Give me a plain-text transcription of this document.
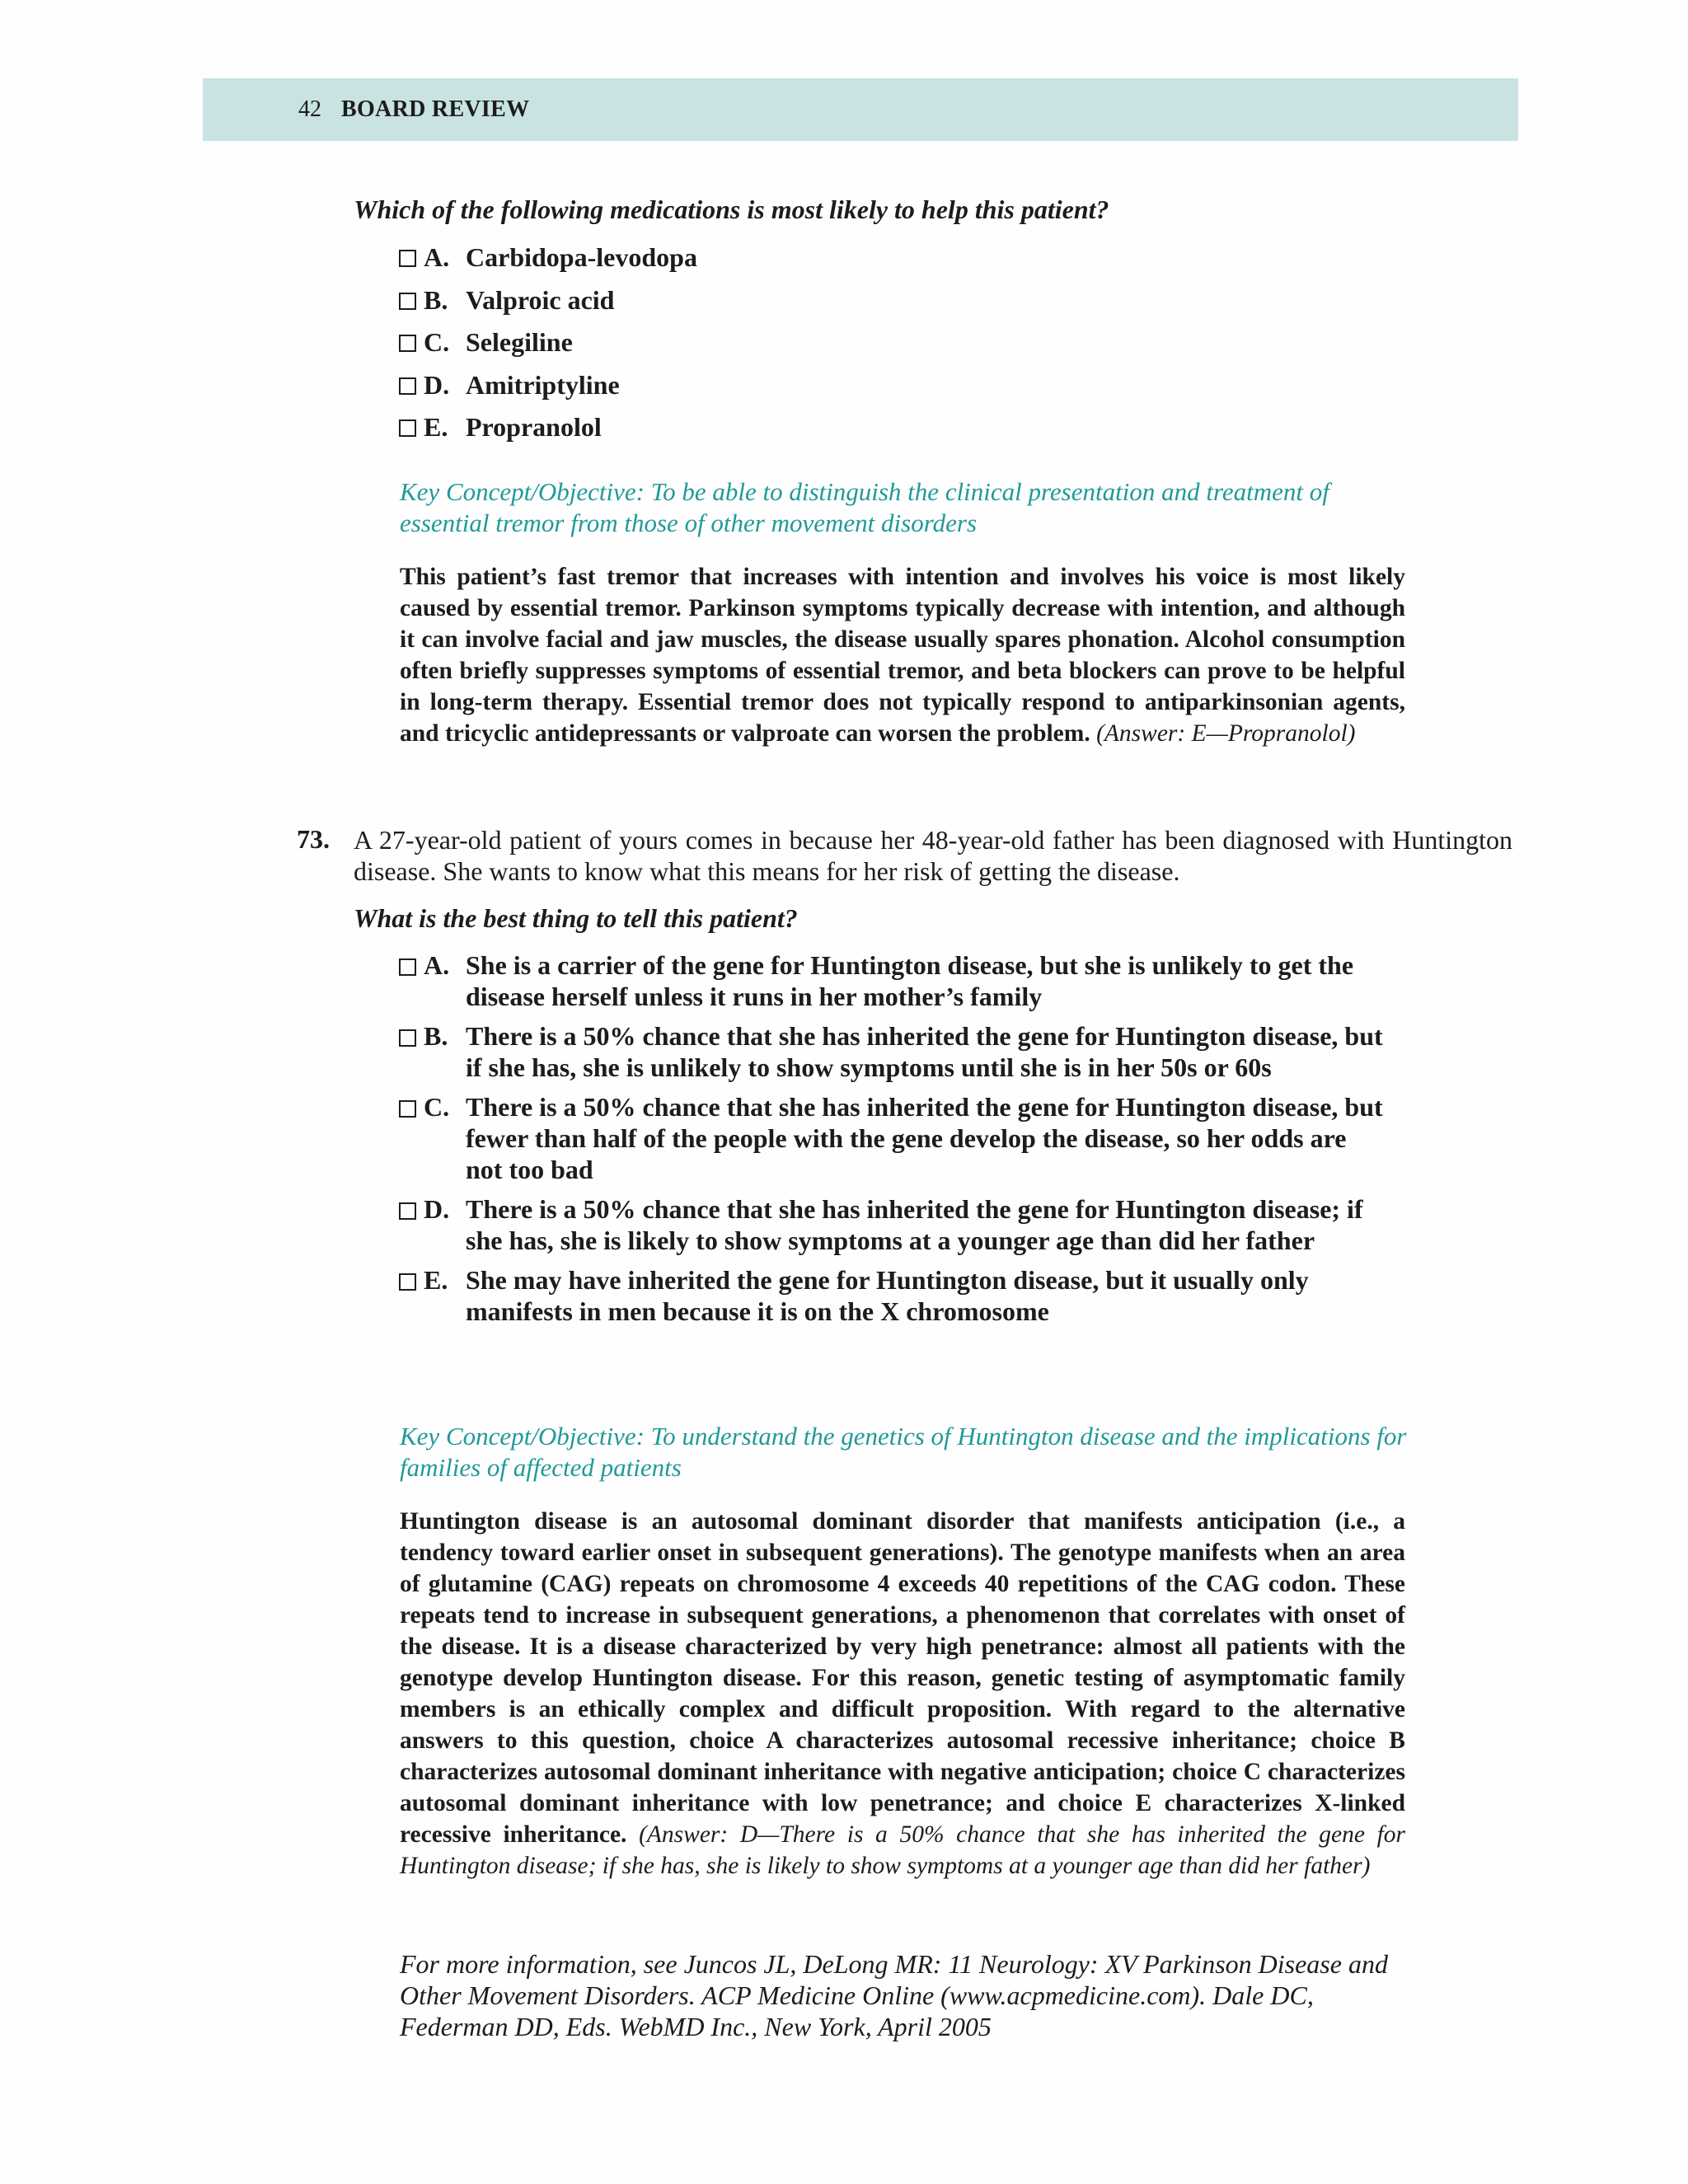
42 BOARD REVIEW
Which of the following medications is most likely to help this patient?
A. Carbidopa-levodopa
B. Valproic acid
C. Selegiline
D. Amitriptyline
E. Propranolol
Key Concept/Objective: To be able to distinguish the clinical presentation and treatment of essential tremor from those of other movement disorders
This patient’s fast tremor that increases with intention and involves his voice is most likely caused by essential tremor. Parkinson symptoms typically decrease with intention, and although it can involve facial and jaw muscles, the disease usually spares phonation. Alcohol consumption often briefly suppresses symptoms of essential tremor, and beta blockers can prove to be helpful in long-term therapy. Essential tremor does not typically respond to antiparkinsonian agents, and tricyclic antidepressants or valproate can worsen the problem. (Answer: E—Propranolol)
73. A 27-year-old patient of yours comes in because her 48-year-old father has been diagnosed with Huntington disease. She wants to know what this means for her risk of getting the disease.
What is the best thing to tell this patient?
A. She is a carrier of the gene for Huntington disease, but she is unlikely to get the disease herself unless it runs in her mother’s family
B. There is a 50% chance that she has inherited the gene for Huntington disease, but if she has, she is unlikely to show symptoms until she is in her 50s or 60s
C. There is a 50% chance that she has inherited the gene for Huntington disease, but fewer than half of the people with the gene develop the disease, so her odds are not too bad
D. There is a 50% chance that she has inherited the gene for Huntington disease; if she has, she is likely to show symptoms at a younger age than did her father
E. She may have inherited the gene for Huntington disease, but it usually only manifests in men because it is on the X chromosome
Key Concept/Objective: To understand the genetics of Huntington disease and the implications for families of affected patients
Huntington disease is an autosomal dominant disorder that manifests anticipation (i.e., a tendency toward earlier onset in subsequent generations). The genotype manifests when an area of glutamine (CAG) repeats on chromosome 4 exceeds 40 repetitions of the CAG codon. These repeats tend to increase in subsequent generations, a phenomenon that correlates with onset of the disease. It is a disease characterized by very high penetrance: almost all patients with the genotype develop Huntington disease. For this reason, genetic testing of asymptomatic family members is an ethically complex and difficult proposition. With regard to the alternative answers to this question, choice A characterizes autosomal recessive inheritance; choice B characterizes autosomal dominant inheritance with negative anticipation; choice C characterizes autosomal dominant inheritance with low penetrance; and choice E characterizes X-linked recessive inheritance. (Answer: D—There is a 50% chance that she has inherited the gene for Huntington disease; if she has, she is likely to show symptoms at a younger age than did her father)
For more information, see Juncos JL, DeLong MR: 11 Neurology: XV Parkinson Disease and Other Movement Disorders. ACP Medicine Online (www.acpmedicine.com). Dale DC, Federman DD, Eds. WebMD Inc., New York, April 2005
